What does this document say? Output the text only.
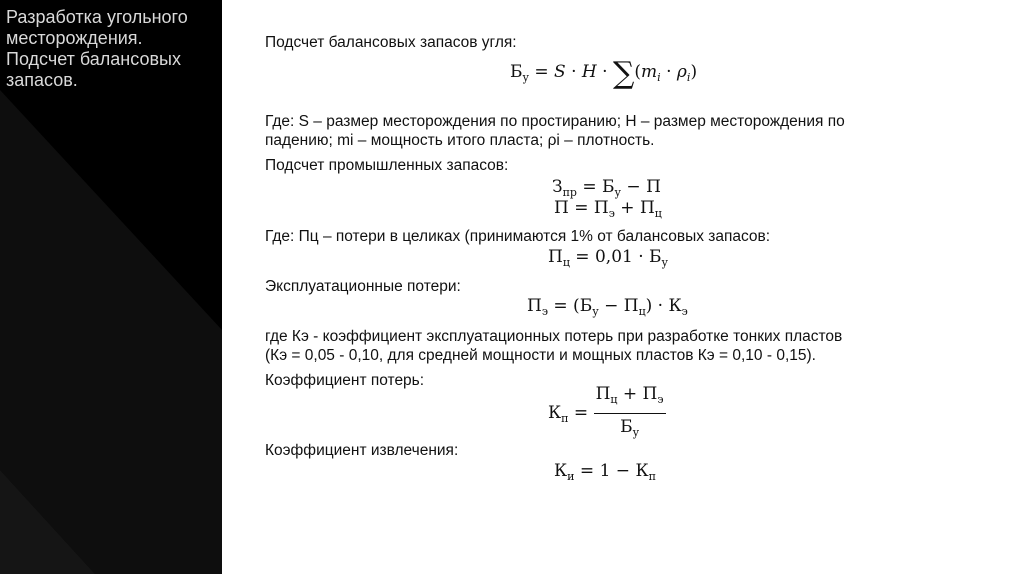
Разработка угольного месторождения. Подсчет балансовых запасов.

Подсчет балансовых запасов угля:

$Б_у = S \cdot H \cdot \sum(m_i \cdot \rho_i)$

Где: S – размер месторождения по простиранию; H – размер месторождения по

падению; mi – мощность итого пласта; ρi – плотность.

Подсчет промышленных запасов:

$З_{пр} = Б_у - П$
$П = П_э + П_ц$

Где: Пц – потери в целиках (принимаются 1% от балансовых запасов:

$П_ц = 0,01 \cdot Б_у$

Эксплуатационные потери:

$П_э = (Б_у - П_ц) \cdot К_э$

где Кэ - коэффициент эксплуатационных потерь при разработке тонких пластов

(Кэ = 0,05 - 0,10, для средней мощности и мощных пластов Кэ = 0,10 - 0,15).

Коэффициент потерь:

$К_п = \frac{П_ц + П_э}{Б_у}$

Коэффициент извлечения:

$К_и = 1 - К_п$
